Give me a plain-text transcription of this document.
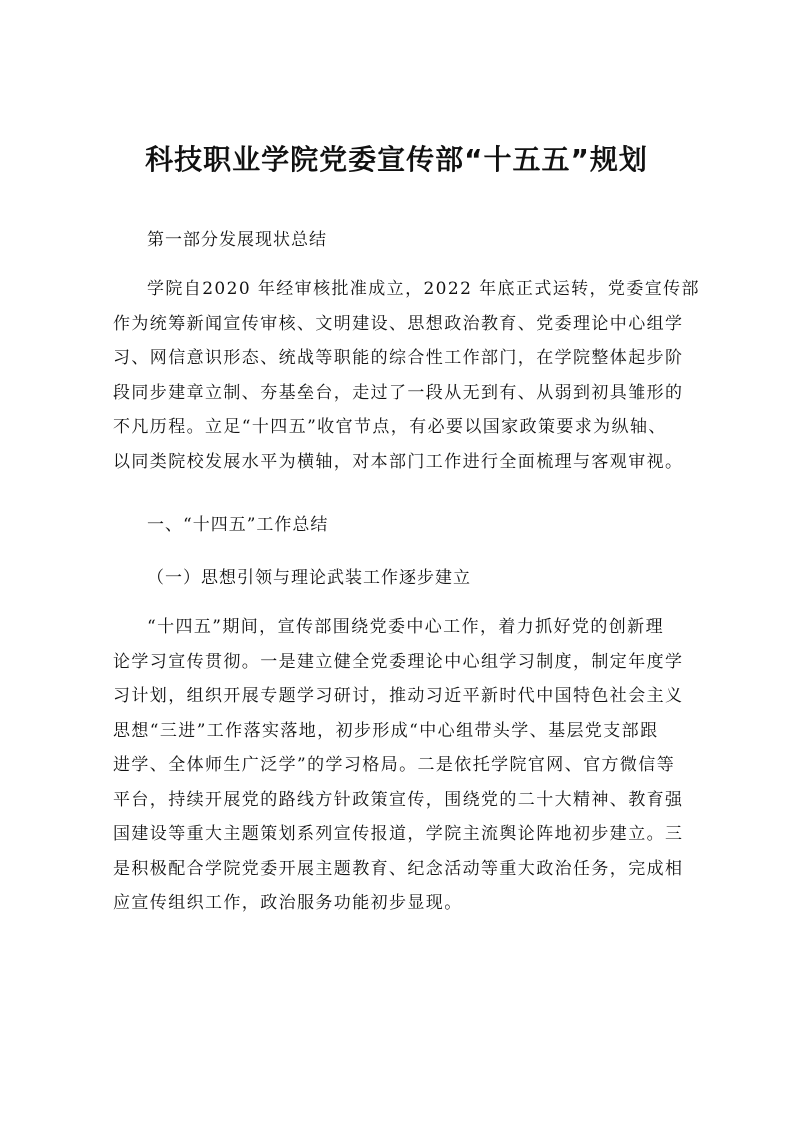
科技职业学院党委宣传部“十五五”规划

第一部分发展现状总结

学院自2020 年经审核批准成立，2022 年底正式运转，党委宣传部
作为统筹新闻宣传审核、文明建设、思想政治教育、党委理论中心组学
习、网信意识形态、统战等职能的综合性工作部门，在学院整体起步阶
段同步建章立制、夯基垒台，走过了一段从无到有、从弱到初具雏形的
不凡历程。立足“十四五”收官节点，有必要以国家政策要求为纵轴、
以同类院校发展水平为横轴，对本部门工作进行全面梳理与客观审视。

一、“十四五”工作总结

（一）思想引领与理论武装工作逐步建立

“十四五”期间，宣传部围绕党委中心工作，着力抓好党的创新理
论学习宣传贯彻。一是建立健全党委理论中心组学习制度，制定年度学
习计划，组织开展专题学习研讨，推动习近平新时代中国特色社会主义
思想“三进”工作落实落地，初步形成“中心组带头学、基层党支部跟
进学、全体师生广泛学”的学习格局。二是依托学院官网、官方微信等
平台，持续开展党的路线方针政策宣传，围绕党的二十大精神、教育强
国建设等重大主题策划系列宣传报道，学院主流舆论阵地初步建立。三
是积极配合学院党委开展主题教育、纪念活动等重大政治任务，完成相
应宣传组织工作，政治服务功能初步显现。
